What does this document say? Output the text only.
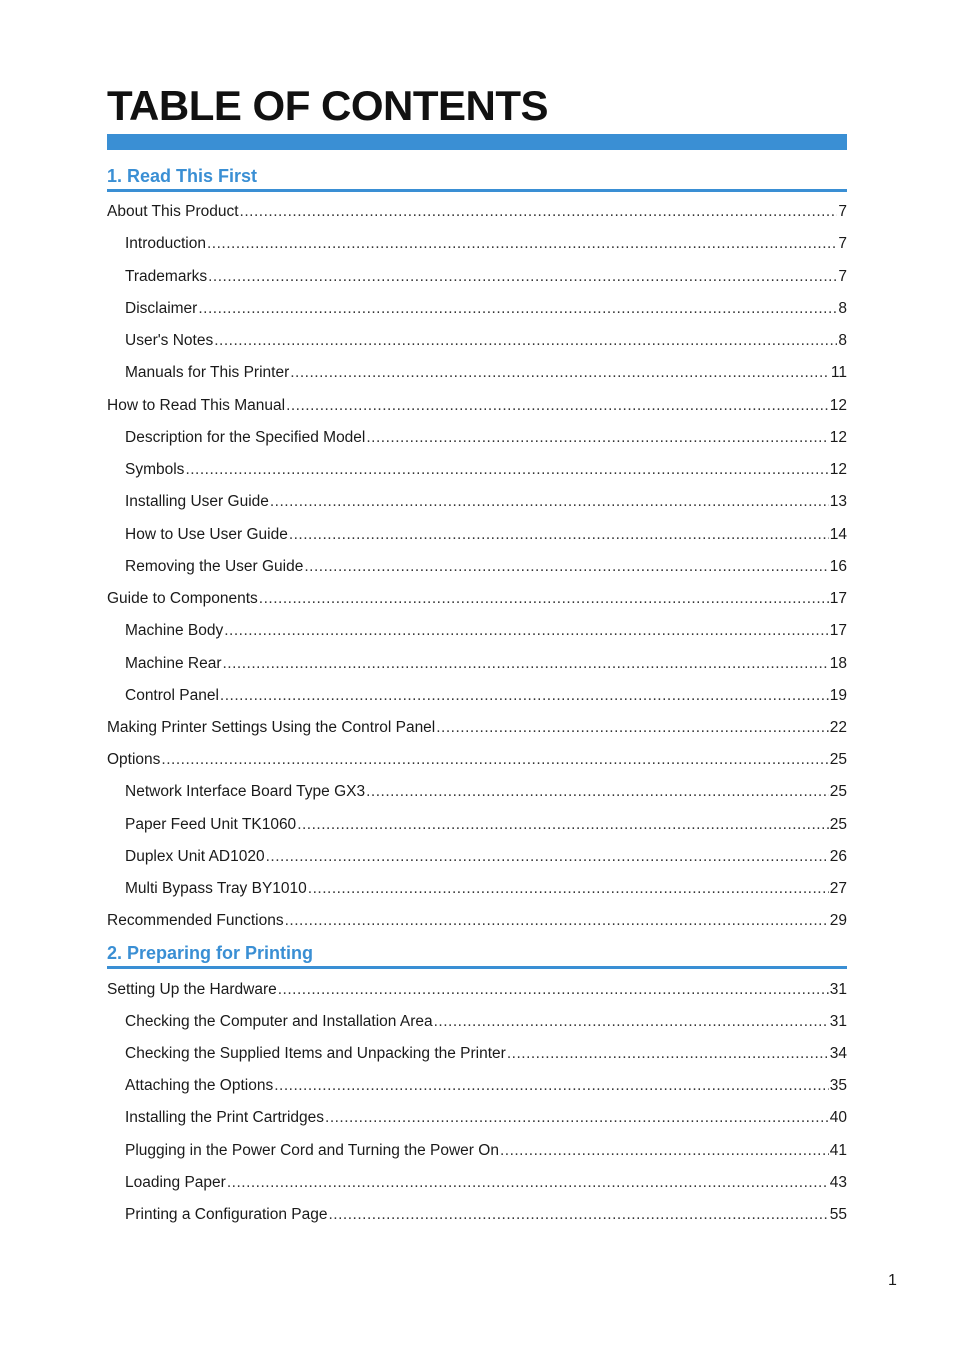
TABLE OF CONTENTS
1. Read This First
About This Product .....	7
Introduction .....	7
Trademarks .....	7
Disclaimer .....	8
User's Notes .....	8
Manuals for This Printer .....	11
How to Read This Manual .....	12
Description for the Specified Model .....	12
Symbols .....	12
Installing User Guide .....	13
How to Use User Guide .....	14
Removing the User Guide .....	16
Guide to Components .....	17
Machine Body .....	17
Machine Rear .....	18
Control Panel .....	19
Making Printer Settings Using the Control Panel .....	22
Options .....	25
Network Interface Board Type GX3 .....	25
Paper Feed Unit TK1060 .....	25
Duplex Unit AD1020 .....	26
Multi Bypass Tray BY1010 .....	27
Recommended Functions .....	29
2. Preparing for Printing
Setting Up the Hardware .....	31
Checking the Computer and Installation Area .....	31
Checking the Supplied Items and Unpacking the Printer .....	34
Attaching the Options .....	35
Installing the Print Cartridges .....	40
Plugging in the Power Cord and Turning the Power On .....	41
Loading Paper .....	43
Printing a Configuration Page .....	55
1
